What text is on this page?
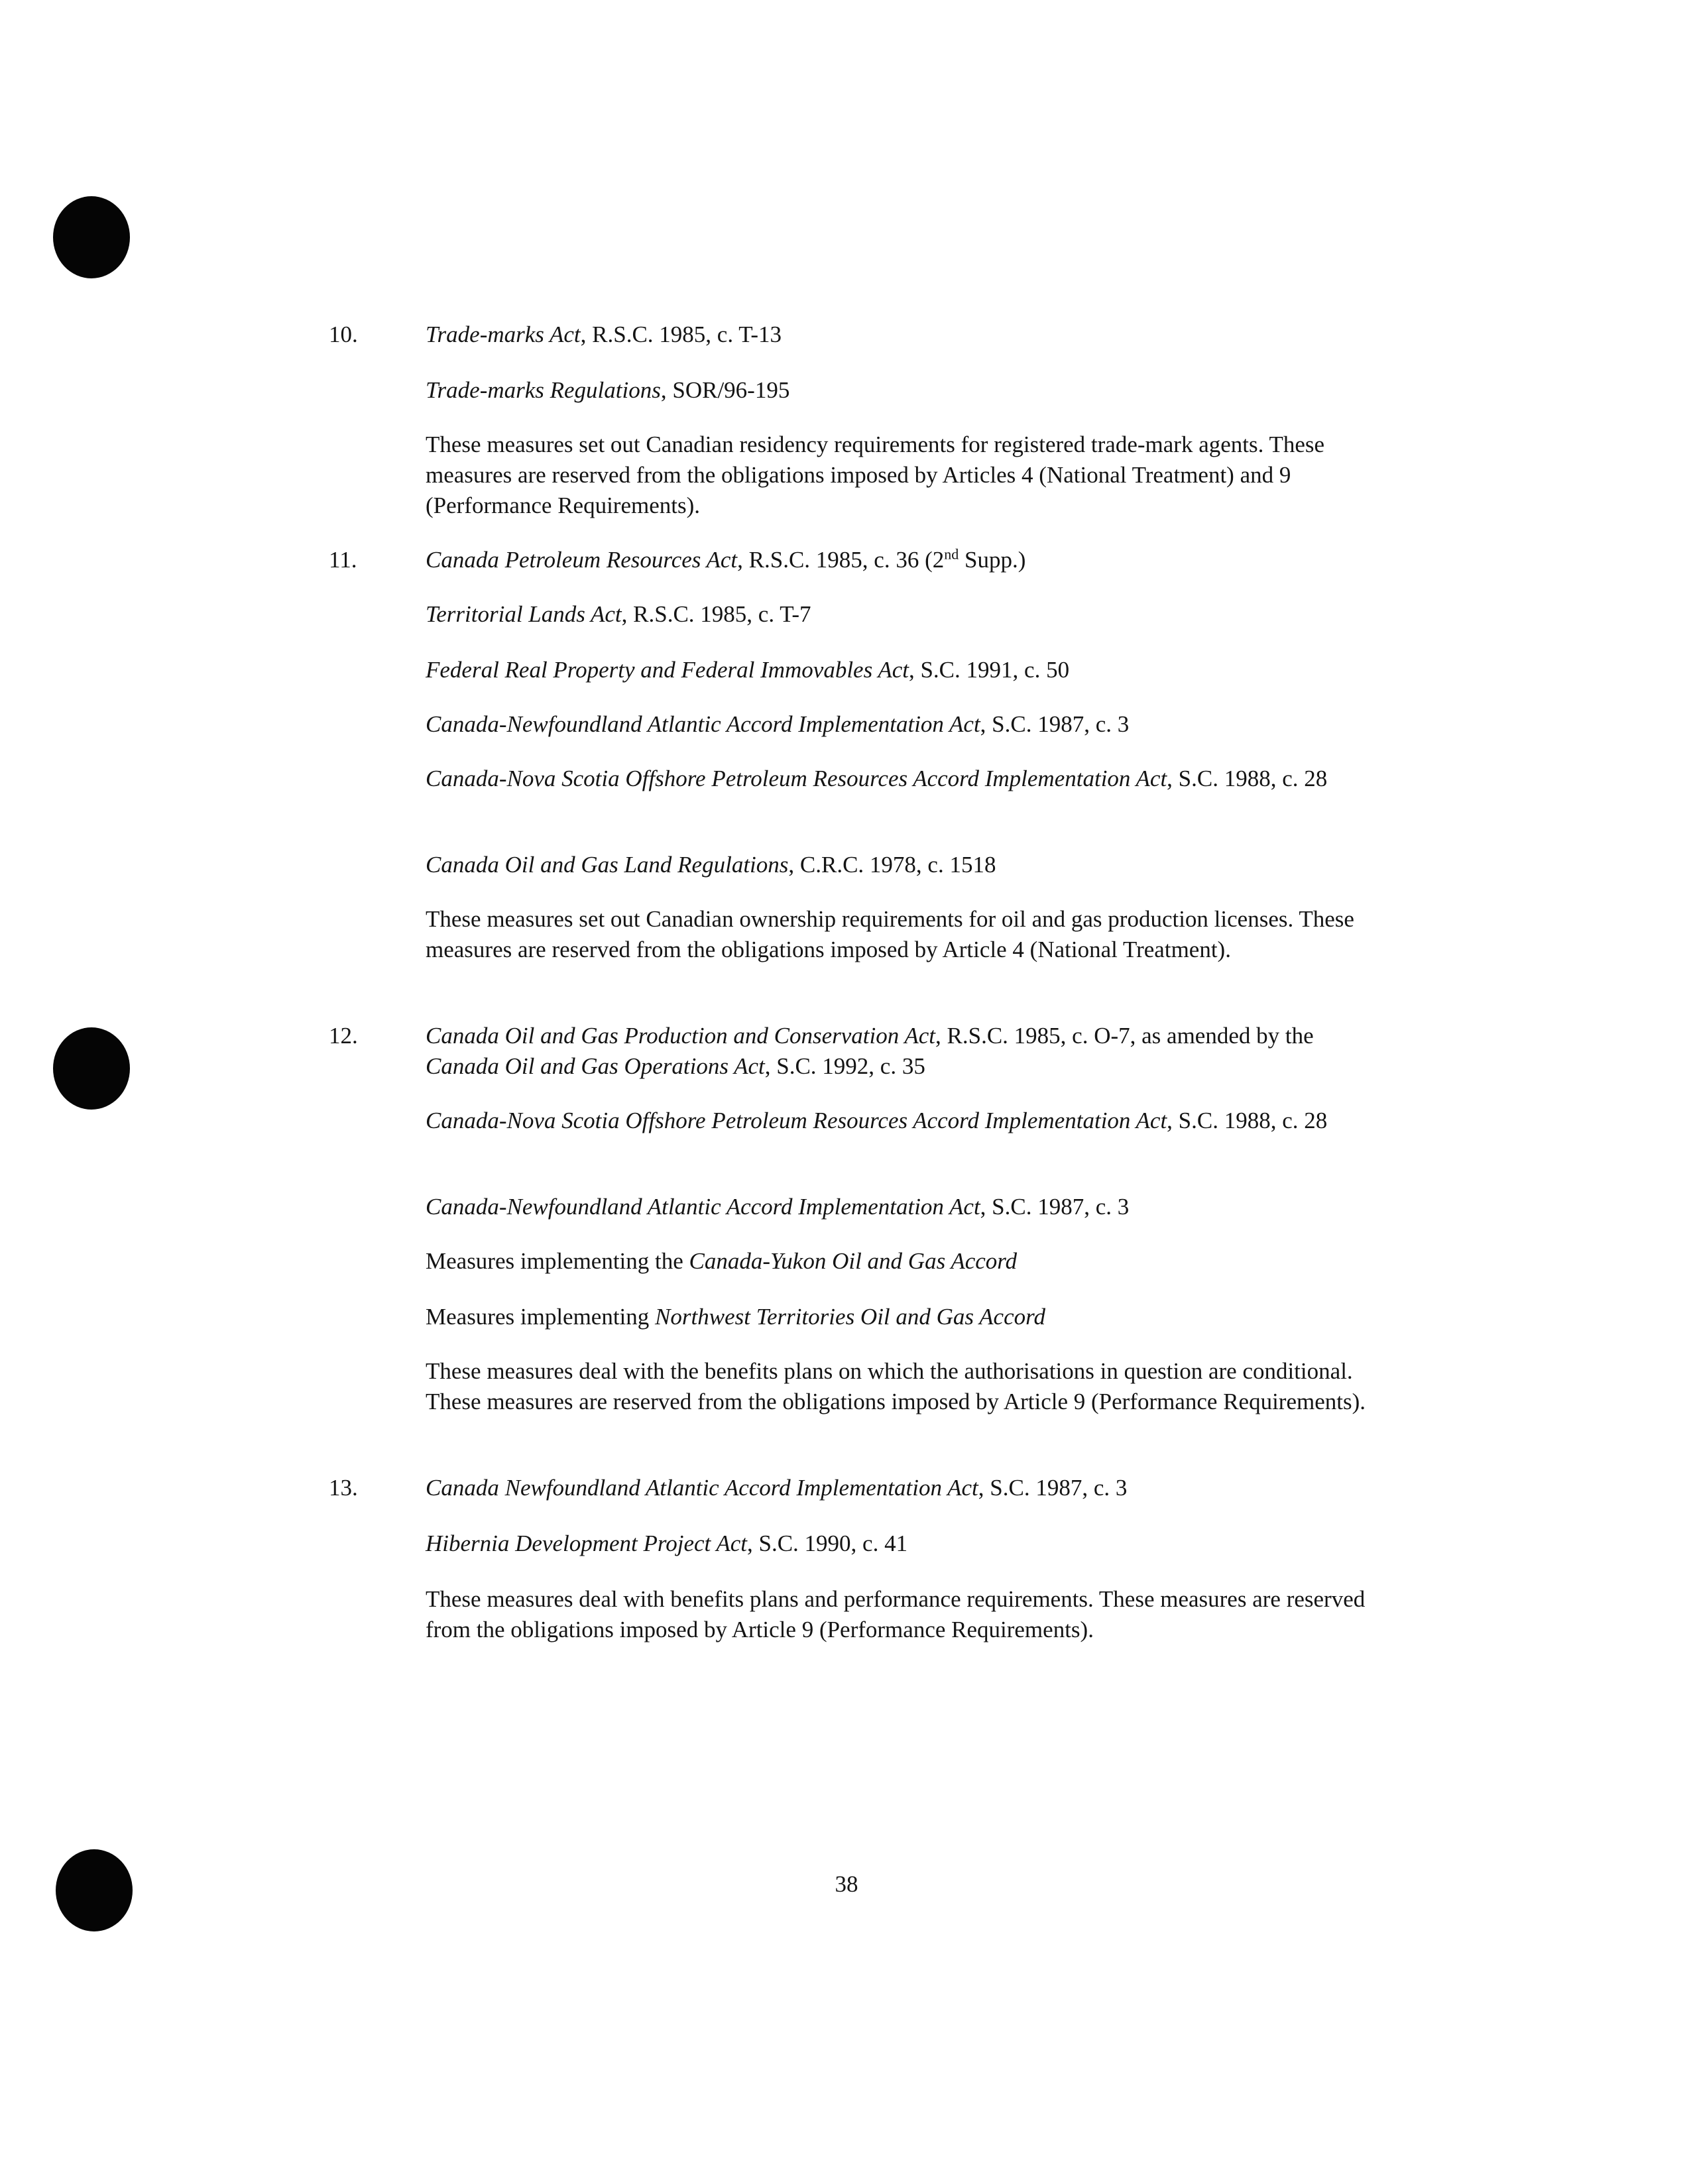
10.	Trade-marks Act, R.S.C. 1985, c. T-13
Trade-marks Regulations, SOR/96-195
These measures set out Canadian residency requirements for registered trade-mark agents. These measures are reserved from the obligations imposed by Articles 4 (National Treatment) and 9 (Performance Requirements).
11.	Canada Petroleum Resources Act, R.S.C. 1985, c. 36 (2nd Supp.)
Territorial Lands Act, R.S.C. 1985, c. T-7
Federal Real Property and Federal Immovables Act, S.C. 1991, c. 50
Canada-Newfoundland Atlantic Accord Implementation Act, S.C. 1987, c. 3
Canada-Nova Scotia Offshore Petroleum Resources Accord Implementation Act, S.C. 1988, c. 28
Canada Oil and Gas Land Regulations, C.R.C. 1978, c. 1518
These measures set out Canadian ownership requirements for oil and gas production licenses. These measures are reserved from the obligations imposed by Article 4 (National Treatment).
12.	Canada Oil and Gas Production and Conservation Act, R.S.C. 1985, c. O-7, as amended by the Canada Oil and Gas Operations Act, S.C. 1992, c. 35
Canada-Nova Scotia Offshore Petroleum Resources Accord Implementation Act, S.C. 1988, c. 28
Canada-Newfoundland Atlantic Accord Implementation Act, S.C. 1987, c. 3
Measures implementing the Canada-Yukon Oil and Gas Accord
Measures implementing Northwest Territories Oil and Gas Accord
These measures deal with the benefits plans on which the authorisations in question are conditional. These measures are reserved from the obligations imposed by Article 9 (Performance Requirements).
13.	Canada Newfoundland Atlantic Accord Implementation Act, S.C. 1987, c. 3
Hibernia Development Project Act, S.C. 1990, c. 41
These measures deal with benefits plans and performance requirements. These measures are reserved from the obligations imposed by Article 9 (Performance Requirements).
38
